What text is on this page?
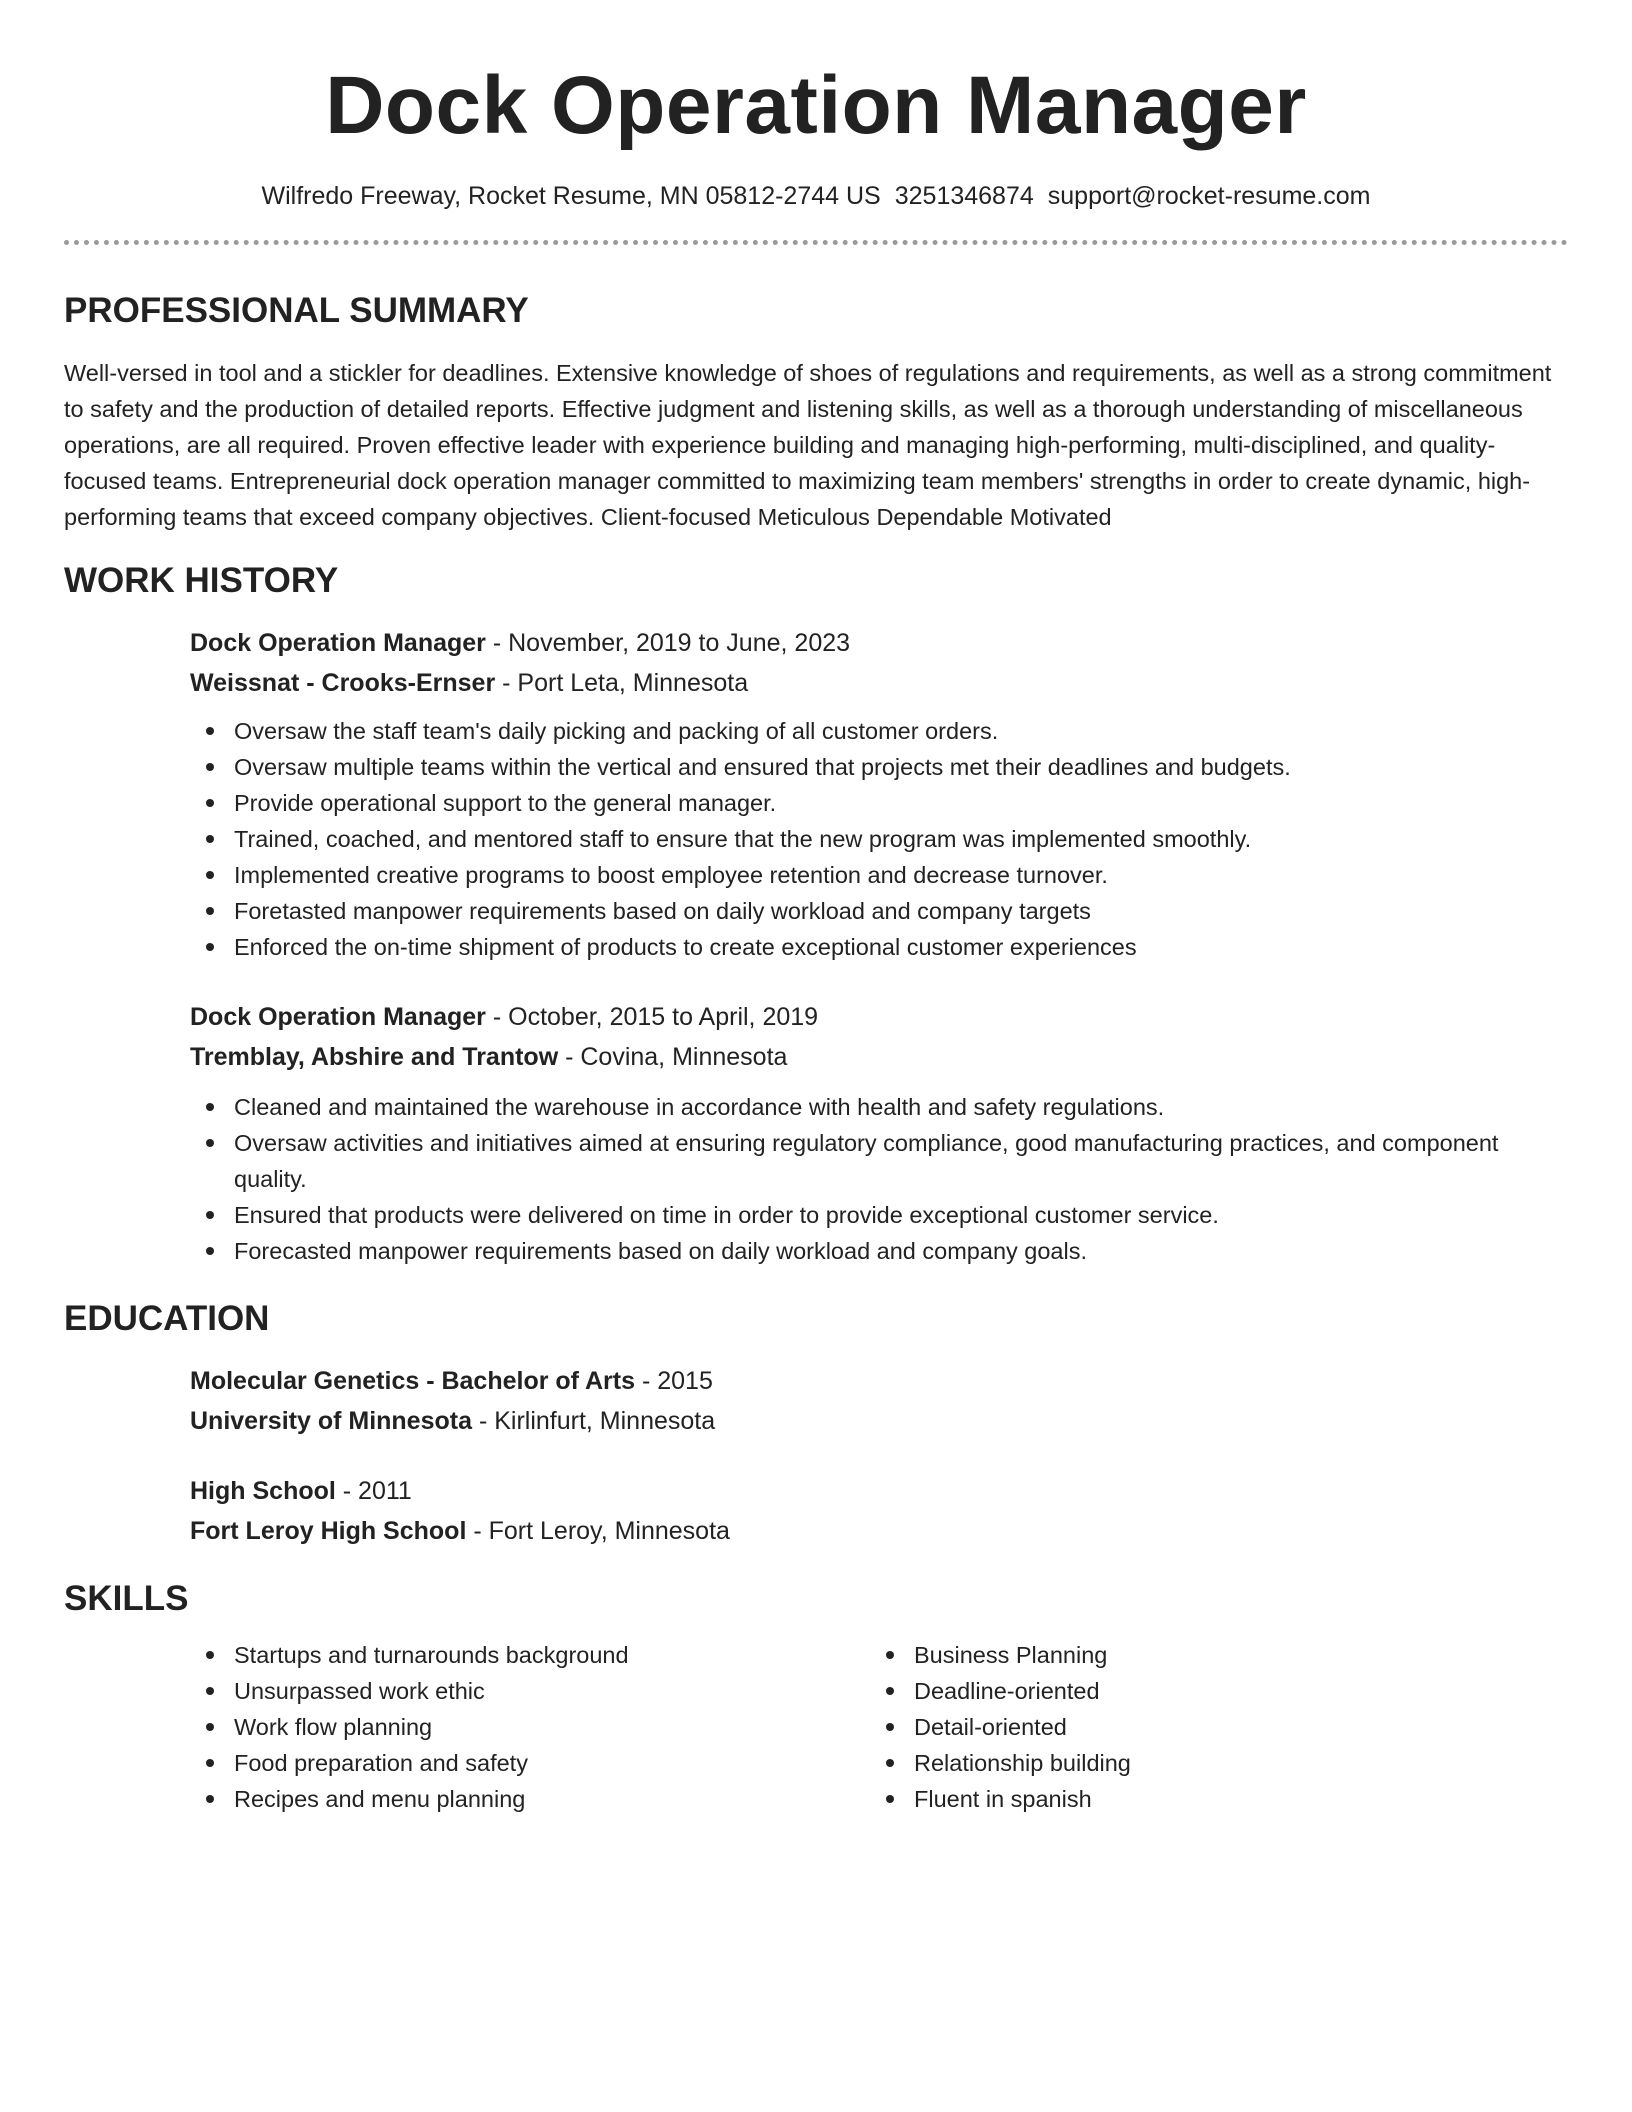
Dock Operation Manager
Wilfredo Freeway, Rocket Resume, MN 05812-2744 US 3251346874 support@rocket-resume.com
PROFESSIONAL SUMMARY

Well-versed in tool and a stickler for deadlines. Extensive knowledge of shoes of regulations and requirements, as well as a strong commitment to safety and the production of detailed reports. Effective judgment and listening skills, as well as a thorough understanding of miscellaneous operations, are all required. Proven effective leader with experience building and managing high-performing, multi-disciplined, and quality-focused teams. Entrepreneurial dock operation manager committed to maximizing team members' strengths in order to create dynamic, high-performing teams that exceed company objectives. Client-focused Meticulous Dependable Motivated

WORK HISTORY
Dock Operation Manager - November, 2019 to June, 2023
Weissnat - Crooks-Ernser - Port Leta, Minnesota
Oversaw the staff team's daily picking and packing of all customer orders.
Oversaw multiple teams within the vertical and ensured that projects met their deadlines and budgets.
Provide operational support to the general manager.
Trained, coached, and mentored staff to ensure that the new program was implemented smoothly.
Implemented creative programs to boost employee retention and decrease turnover.
Foretasted manpower requirements based on daily workload and company targets
Enforced the on-time shipment of products to create exceptional customer experiences
Dock Operation Manager - October, 2015 to April, 2019
Tremblay, Abshire and Trantow - Covina, Minnesota
Cleaned and maintained the warehouse in accordance with health and safety regulations.
Oversaw activities and initiatives aimed at ensuring regulatory compliance, good manufacturing practices, and component quality.
Ensured that products were delivered on time in order to provide exceptional customer service.
Forecasted manpower requirements based on daily workload and company goals.
EDUCATION
Molecular Genetics - Bachelor of Arts - 2015
University of Minnesota - Kirlinfurt, Minnesota
High School - 2011
Fort Leroy High School - Fort Leroy, Minnesota
SKILLS
Startups and turnarounds background
Unsurpassed work ethic
Work flow planning
Food preparation and safety
Recipes and menu planning
Business Planning
Deadline-oriented
Detail-oriented
Relationship building
Fluent in spanish
